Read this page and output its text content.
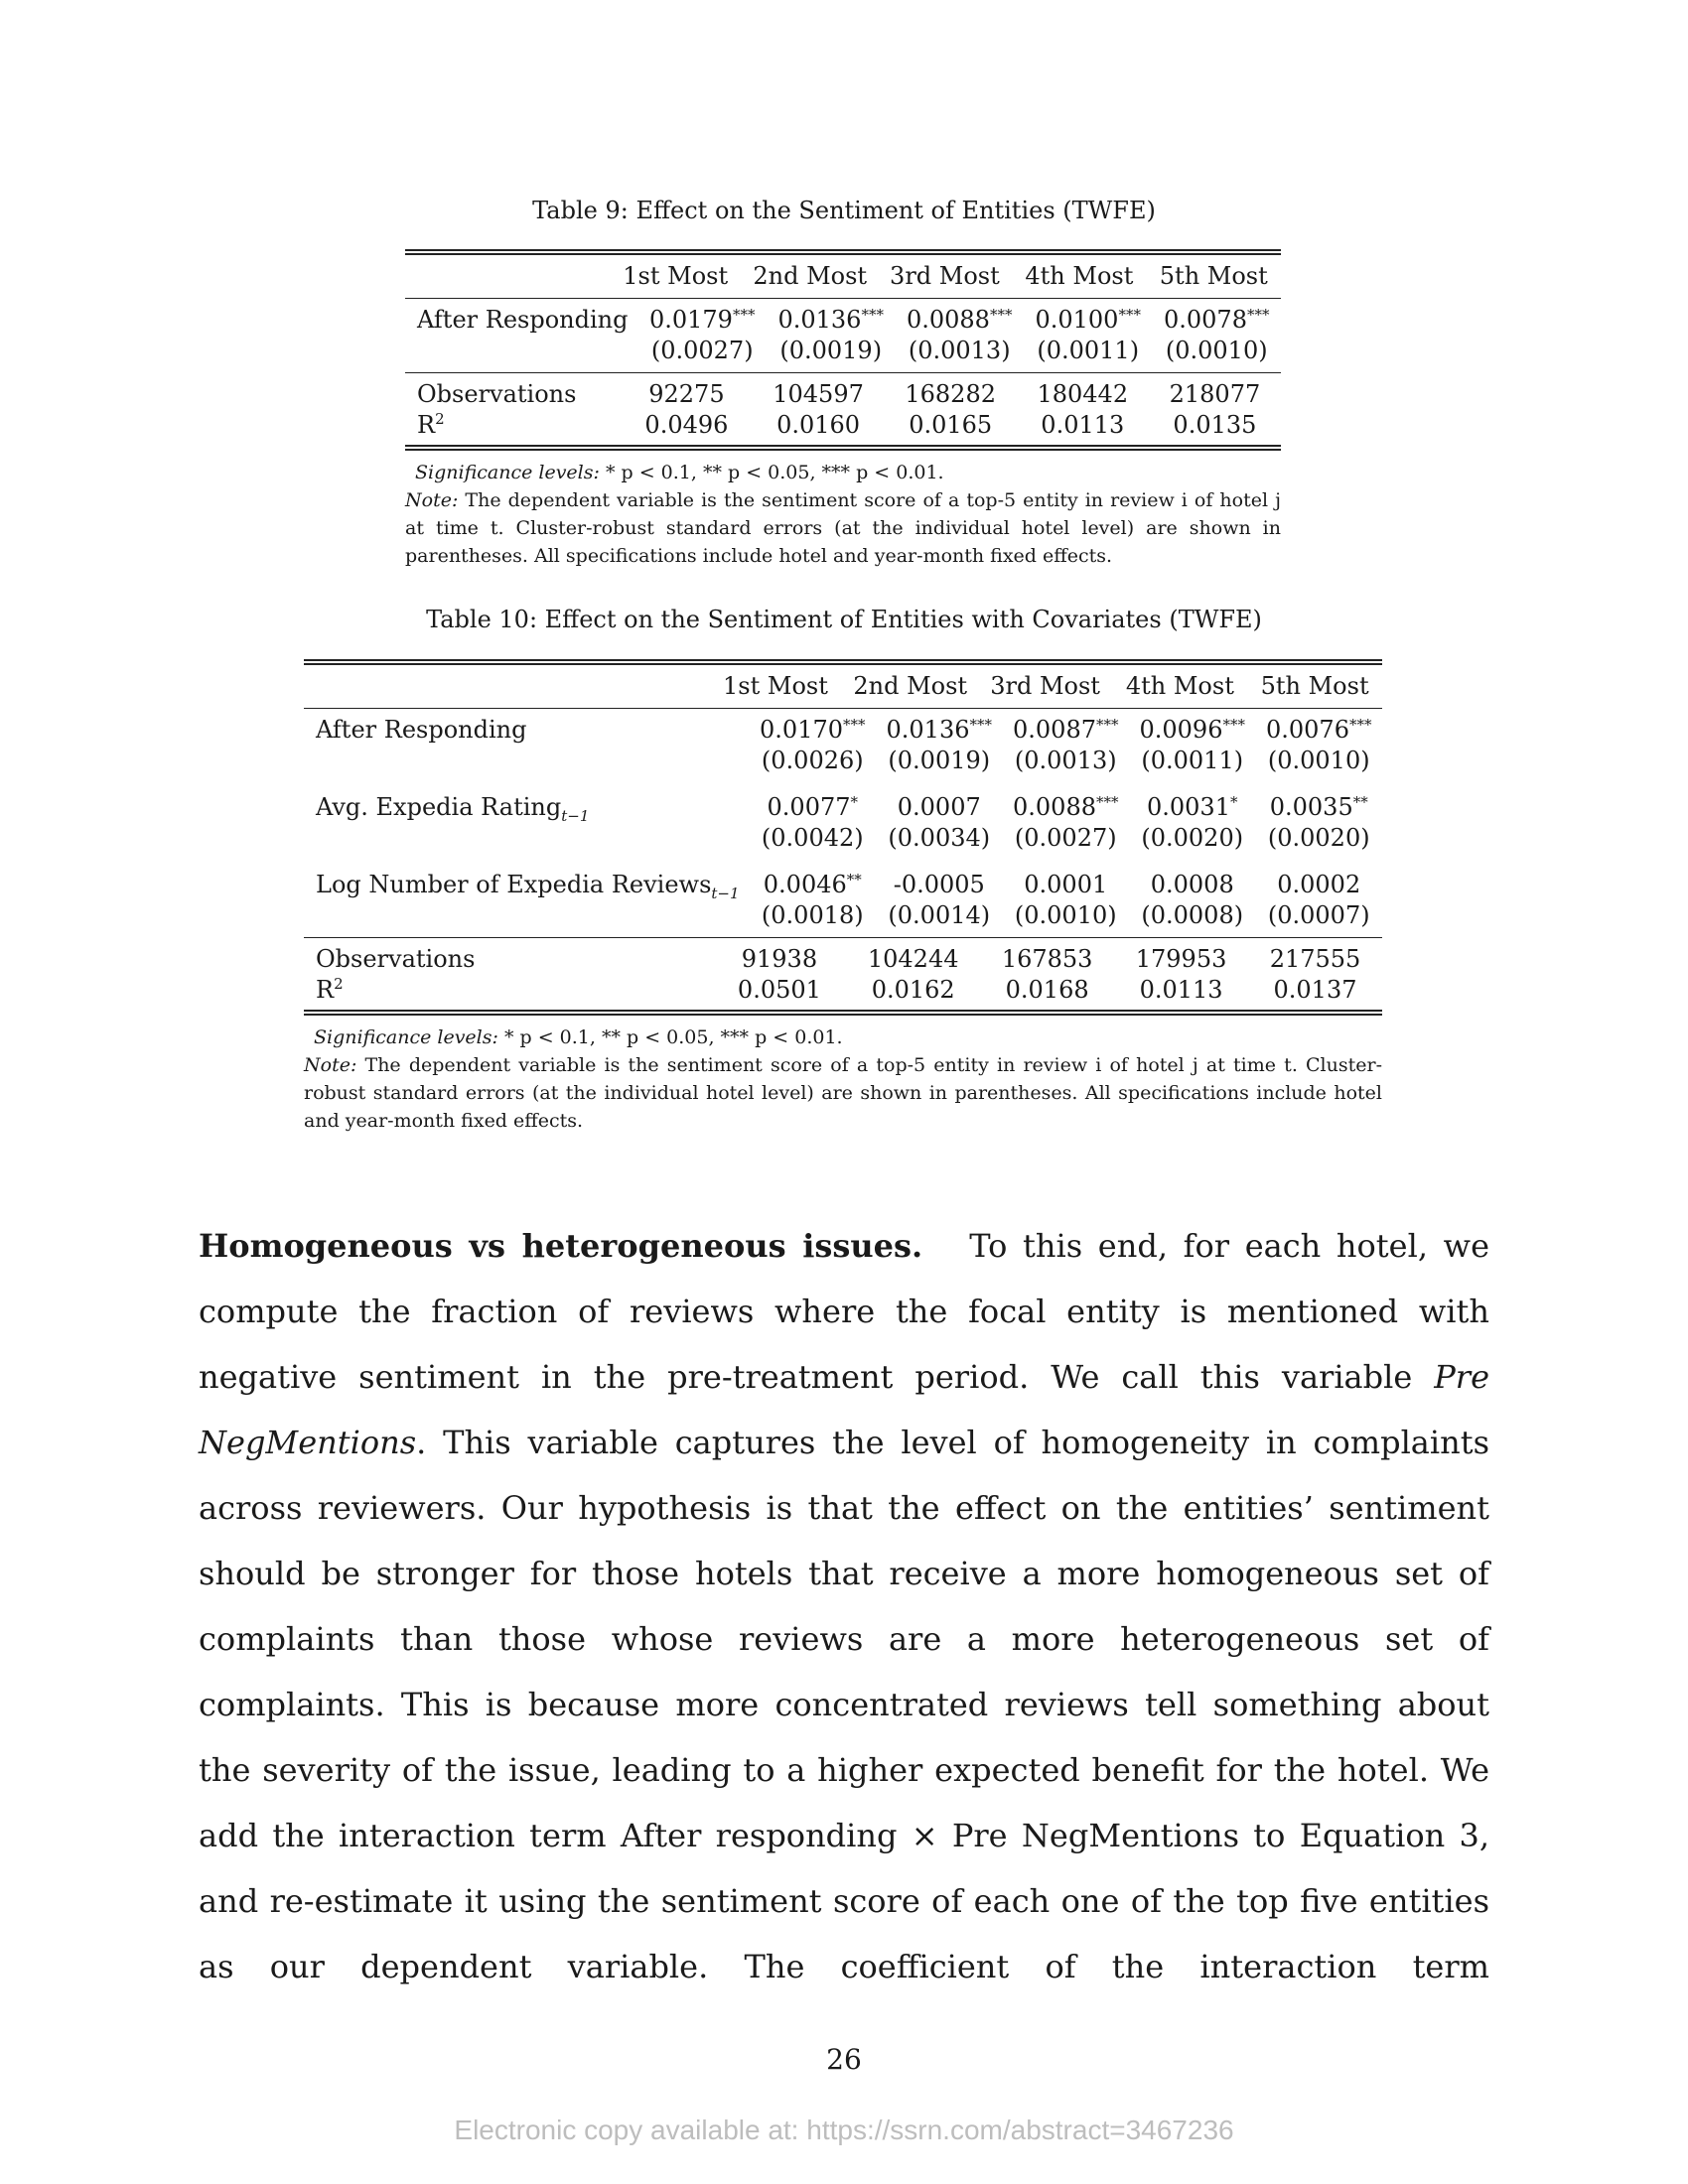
Table 9: Effect on the Sentiment of Entities (TWFE)
	1st Most	2nd Most	3rd Most	4th Most	5th Most
After Responding	0.0179***	0.0136***	0.0088***	0.0100***	0.0078***
	(0.0027)	(0.0019)	(0.0013)	(0.0011)	(0.0010)
Observations	92275	104597	168282	180442	218077
$R^2$	0.0496	0.0160	0.0165	0.0113	0.0135
Significance levels: * p < 0.1, ** p < 0.05, *** p < 0.01.
Note: The dependent variable is the sentiment score of a top-5 entity in review i of hotel j at time t. Cluster-robust standard errors (at the individual hotel level) are shown in parentheses. All specifications include hotel and year-month fixed effects.
Table 10: Effect on the Sentiment of Entities with Covariates (TWFE)
	1st Most	2nd Most	3rd Most	4th Most	5th Most
After Responding	0.0170***	0.0136***	0.0087***	0.0096***	0.0076***
	(0.0026)	(0.0019)	(0.0013)	(0.0011)	(0.0010)

Avg. Expedia Rating$_{t-1}$	0.0077*	0.0007	0.0088***	0.0031*	0.0035**
	(0.0042)	(0.0034)	(0.0027)	(0.0020)	(0.0020)

Log Number of Expedia Reviews$_{t-1}$	0.0046**	-0.0005	0.0001	0.0008	0.0002
	(0.0018)	(0.0014)	(0.0010)	(0.0008)	(0.0007)
Observations	91938	104244	167853	179953	217555
$R^2$	0.0501	0.0162	0.0168	0.0113	0.0137
Significance levels: * p < 0.1, ** p < 0.05, *** p < 0.01.
Note: The dependent variable is the sentiment score of a top-5 entity in review i of hotel j at time t. Cluster-robust standard errors (at the individual hotel level) are shown in parentheses. All specifications include hotel and year-month fixed effects.
Homogeneous vs heterogeneous issues. To this end, for each hotel, we compute the fraction of reviews where the focal entity is mentioned with negative sentiment in the pre-treatment period. We call this variable Pre NegMentions. This variable captures the level of homogeneity in complaints across reviewers. Our hypothesis is that the effect on the entities’ sentiment should be stronger for those hotels that receive a more homogeneous set of complaints than those whose reviews are a more heterogeneous set of complaints. This is because more concentrated reviews tell something about the severity of the issue, leading to a higher expected benefit for the hotel. We add the interaction term After responding × Pre NegMentions to Equation 3, and re-estimate it using the sentiment score of each one of the top five entities as our dependent variable. The coefficient of the interaction term
26
Electronic copy available at: https://ssrn.com/abstract=3467236
